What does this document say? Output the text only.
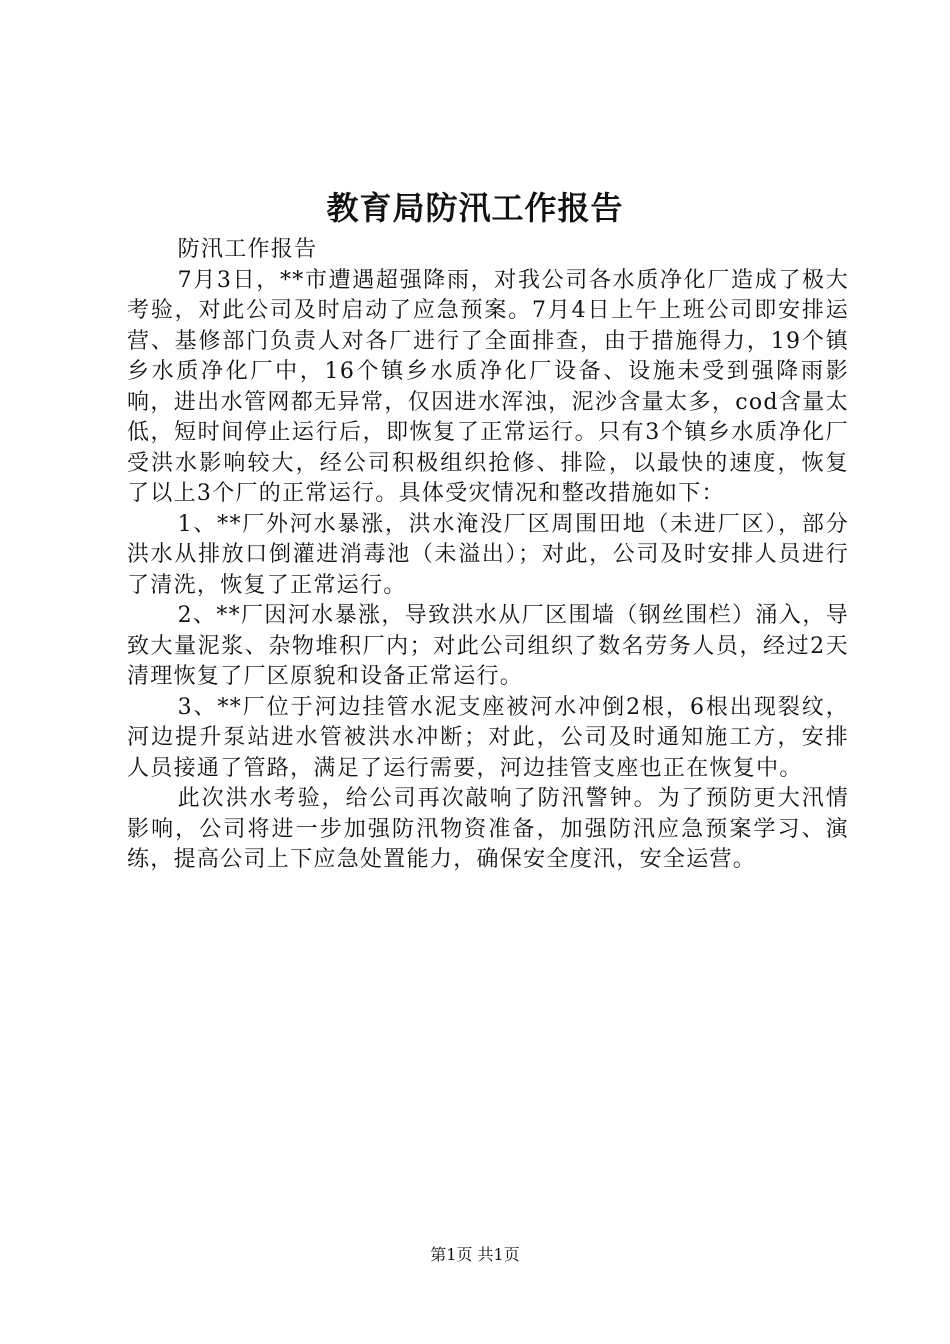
教育局防汛工作报告

防汛工作报告

7月3日，**市遭遇超强降雨，对我公司各水质净化厂造成了极大考验，对此公司及时启动了应急预案。7月4日上午上班公司即安排运营、基修部门负责人对各厂进行了全面排查，由于措施得力，19个镇乡水质净化厂中，16个镇乡水质净化厂设备、设施未受到强降雨影响，进出水管网都无异常，仅因进水浑浊，泥沙含量太多，cod含量太低，短时间停止运行后，即恢复了正常运行。只有3个镇乡水质净化厂受洪水影响较大，经公司积极组织抢修、排险，以最快的速度，恢复了以上3个厂的正常运行。具体受灾情况和整改措施如下：

1、**厂外河水暴涨，洪水淹没厂区周围田地（未进厂区），部分洪水从排放口倒灌进消毒池（未溢出）；对此，公司及时安排人员进行了清洗，恢复了正常运行。

2、**厂因河水暴涨，导致洪水从厂区围墙（钢丝围栏）涌入，导致大量泥浆、杂物堆积厂内；对此公司组织了数名劳务人员，经过2天清理恢复了厂区原貌和设备正常运行。

3、**厂位于河边挂管水泥支座被河水冲倒2根，6根出现裂纹，河边提升泵站进水管被洪水冲断；对此，公司及时通知施工方，安排人员接通了管路，满足了运行需要，河边挂管支座也正在恢复中。

此次洪水考验，给公司再次敲响了防汛警钟。为了预防更大汛情影响，公司将进一步加强防汛物资准备，加强防汛应急预案学习、演练，提高公司上下应急处置能力，确保安全度汛，安全运营。

第1页 共1页
